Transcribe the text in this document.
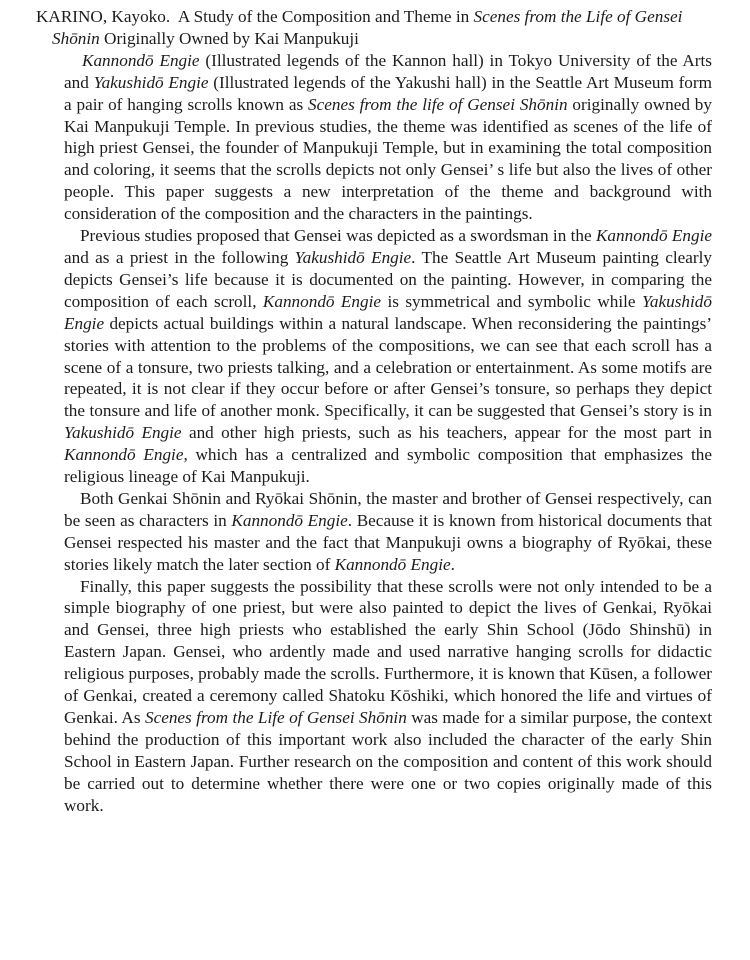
KARINO, Kayoko. A Study of the Composition and Theme in Scenes from the Life of Gensei Shōnin Originally Owned by Kai Manpukuji

Kannondō Engie (Illustrated legends of the Kannon hall) in Tokyo University of the Arts and Yakushidō Engie (Illustrated legends of the Yakushi hall) in the Seattle Art Museum form a pair of hanging scrolls known as Scenes from the life of Gensei Shōnin originally owned by Kai Manpukuji Temple. In previous studies, the theme was identified as scenes of the life of high priest Gensei, the founder of Manpukuji Temple, but in examining the total composition and coloring, it seems that the scrolls depicts not only Gensei’ s life but also the lives of other people. This paper suggests a new interpretation of the theme and background with consideration of the composition and the characters in the paintings.

Previous studies proposed that Gensei was depicted as a swordsman in the Kannondō Engie and as a priest in the following Yakushidō Engie. The Seattle Art Museum painting clearly depicts Gensei’s life because it is documented on the painting. However, in comparing the composition of each scroll, Kannondō Engie is symmetrical and symbolic while Yakushidō Engie depicts actual buildings within a natural landscape. When reconsidering the paintings’ stories with attention to the problems of the compositions, we can see that each scroll has a scene of a tonsure, two priests talking, and a celebration or entertainment. As some motifs are repeated, it is not clear if they occur before or after Gensei’s tonsure, so perhaps they depict the tonsure and life of another monk. Specifically, it can be suggested that Gensei’s story is in Yakushidō Engie and other high priests, such as his teachers, appear for the most part in Kannondō Engie, which has a centralized and symbolic composition that emphasizes the religious lineage of Kai Manpukuji.

Both Genkai Shōnin and Ryōkai Shōnin, the master and brother of Gensei respectively, can be seen as characters in Kannondō Engie. Because it is known from historical documents that Gensei respected his master and the fact that Manpukuji owns a biography of Ryōkai, these stories likely match the later section of Kannondō Engie.

Finally, this paper suggests the possibility that these scrolls were not only intended to be a simple biography of one priest, but were also painted to depict the lives of Genkai, Ryōkai and Gensei, three high priests who established the early Shin School (Jōdo Shinshū) in Eastern Japan. Gensei, who ardently made and used narrative hanging scrolls for didactic religious purposes, probably made the scrolls. Furthermore, it is known that Kūsen, a follower of Genkai, created a ceremony called Shatoku Kōshiki, which honored the life and virtues of Genkai. As Scenes from the Life of Gensei Shōnin was made for a similar purpose, the context behind the production of this important work also included the character of the early Shin School in Eastern Japan. Further research on the composition and content of this work should be carried out to determine whether there were one or two copies originally made of this work.
